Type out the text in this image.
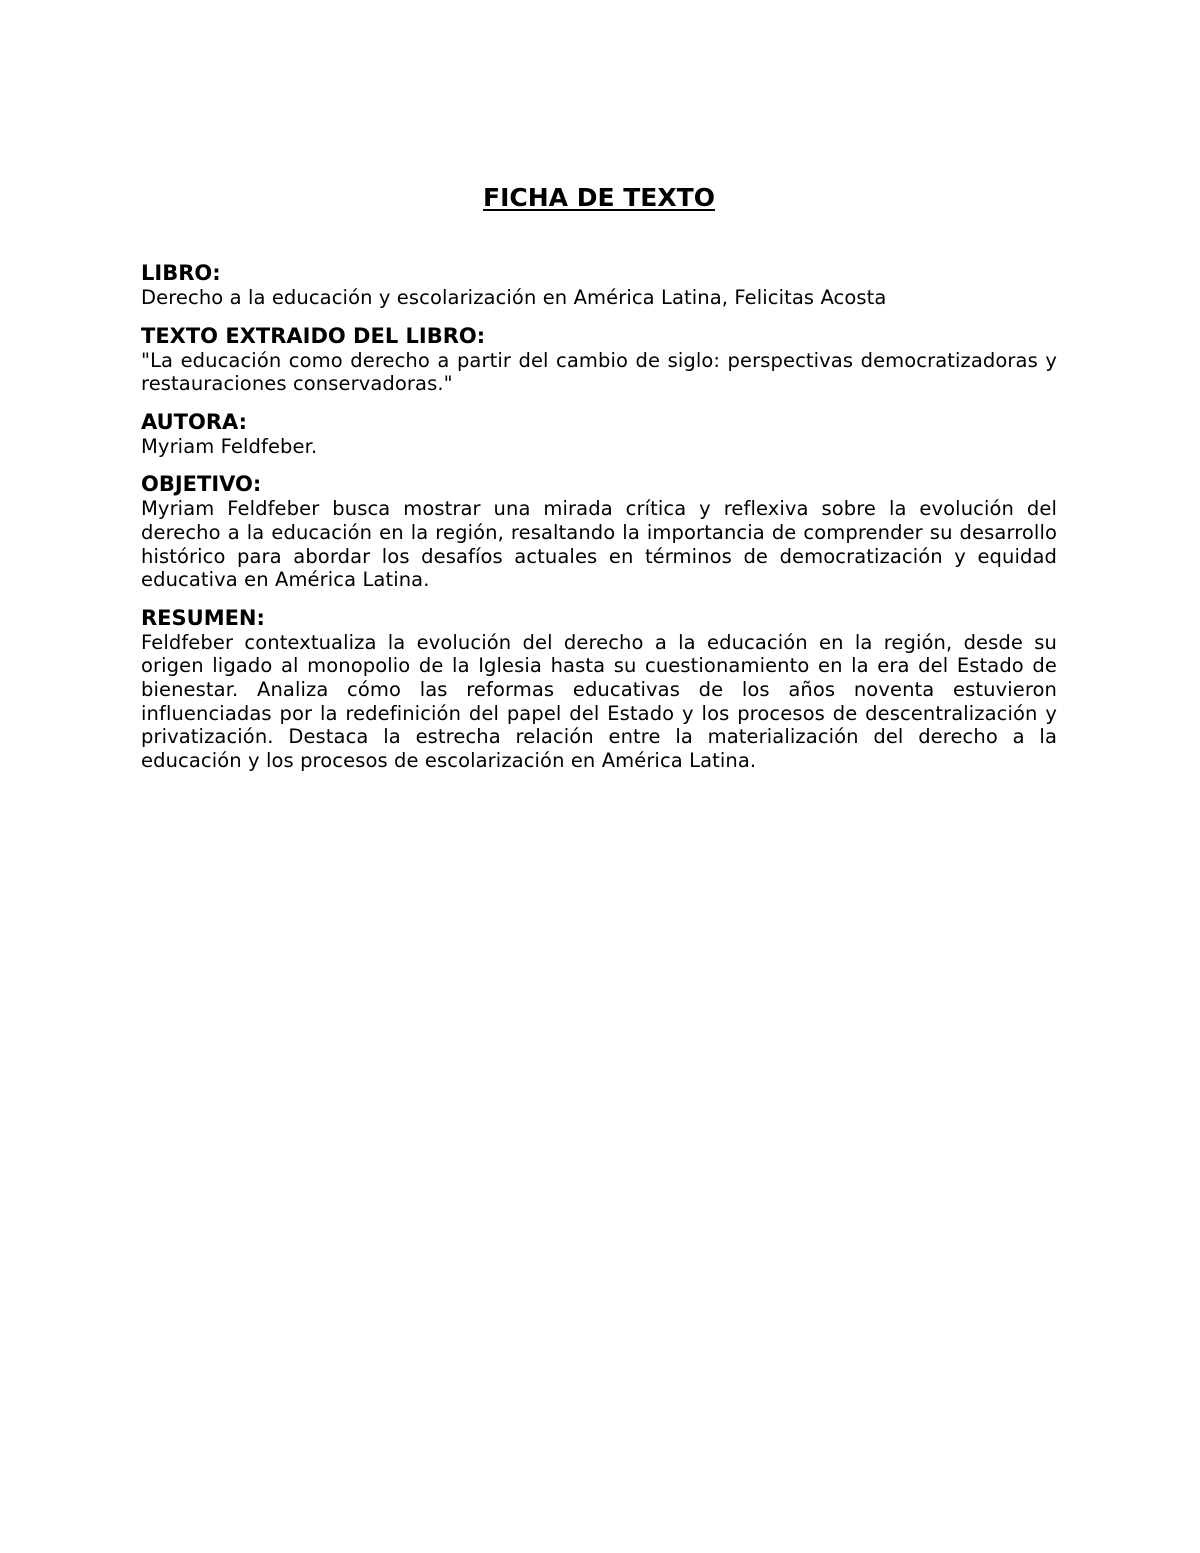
FICHA DE TEXTO

LIBRO:

Derecho a la educación y escolarización en América Latina, Felicitas Acosta

TEXTO EXTRAIDO DEL LIBRO:

"La educación como derecho a partir del cambio de siglo: perspectivas democratizadoras y restauraciones conservadoras."

AUTORA:

Myriam Feldfeber.

OBJETIVO:

Myriam Feldfeber busca mostrar una mirada crítica y reflexiva sobre la evolución del derecho a la educación en la región, resaltando la importancia de comprender su desarrollo histórico para abordar los desafíos actuales en términos de democratización y equidad educativa en América Latina.

RESUMEN:

Feldfeber contextualiza la evolución del derecho a la educación en la región, desde su origen ligado al monopolio de la Iglesia hasta su cuestionamiento en la era del Estado de bienestar. Analiza cómo las reformas educativas de los años noventa estuvieron influenciadas por la redefinición del papel del Estado y los procesos de descentralización y privatización. Destaca la estrecha relación entre la materialización del derecho a la educación y los procesos de escolarización en América Latina.
